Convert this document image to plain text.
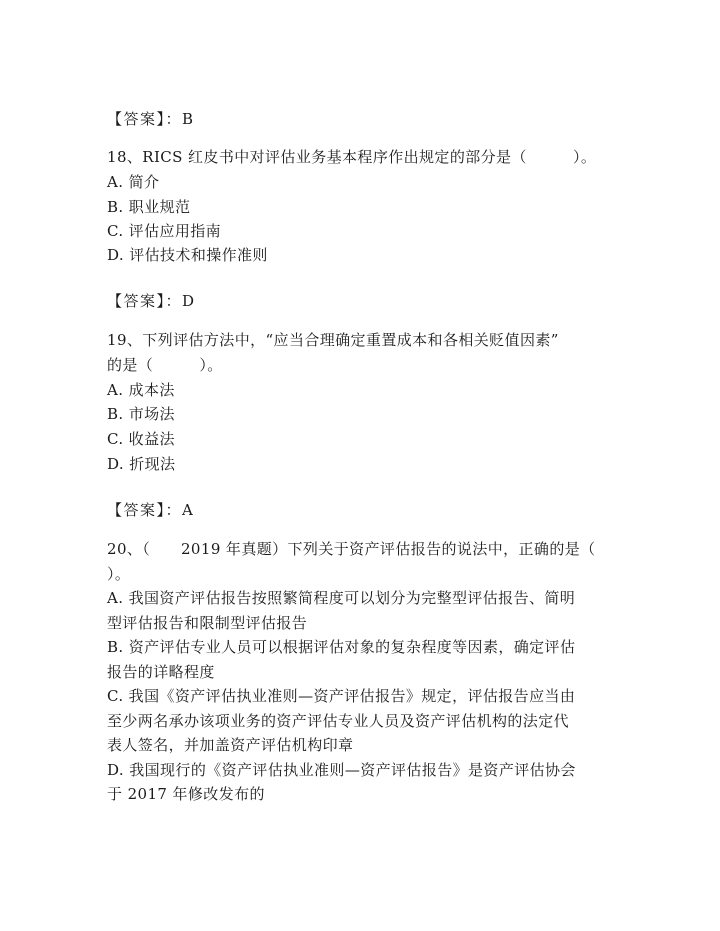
【答案】：B
18、RICS 红皮书中对评估业务基本程序作出规定的部分是（　　　）。
A. 简介
B. 职业规范
C. 评估应用指南
D. 评估技术和操作准则
【答案】：D
19、下列评估方法中，“应当合理确定重置成本和各相关贬值因素”
的是（　　　）。
A. 成本法
B. 市场法
C. 收益法
D. 折现法
【答案】：A
20、（　　2019 年真题）下列关于资产评估报告的说法中，正确的是（
）。
A. 我国资产评估报告按照繁简程度可以划分为完整型评估报告、简明
型评估报告和限制型评估报告
B. 资产评估专业人员可以根据评估对象的复杂程度等因素，确定评估
报告的详略程度
C. 我国《资产评估执业准则—资产评估报告》规定，评估报告应当由
至少两名承办该项业务的资产评估专业人员及资产评估机构的法定代
表人签名，并加盖资产评估机构印章
D. 我国现行的《资产评估执业准则—资产评估报告》是资产评估协会
于 2017 年修改发布的
